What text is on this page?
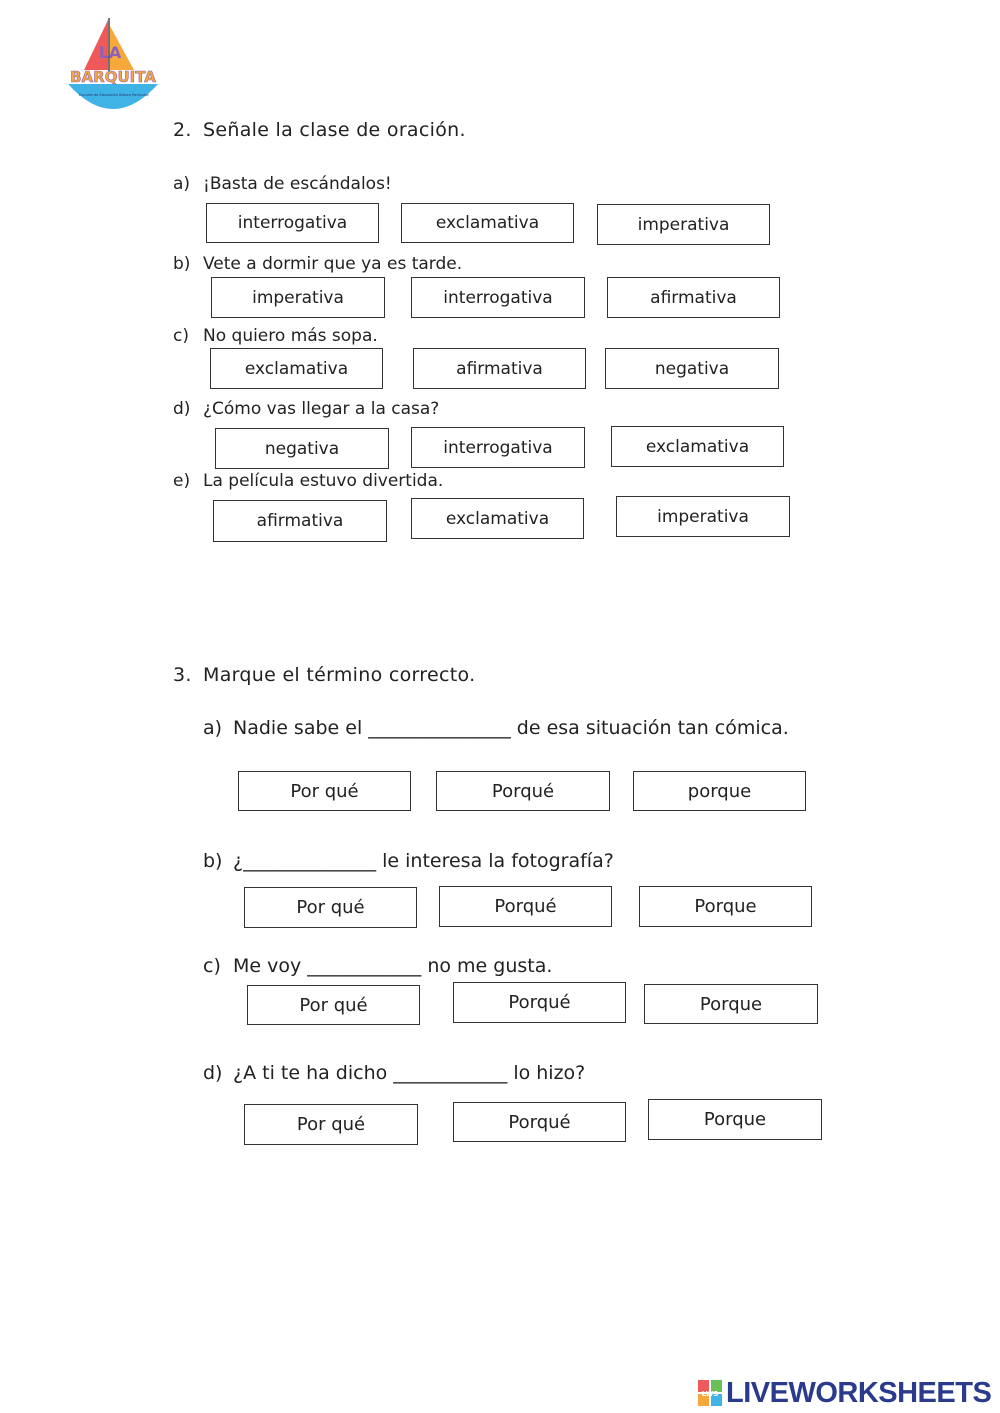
LA
BARQUITA
Escuela de Educación Básica Particular
2. Señale la clase de oración.
a) ¡Basta de escándalos!
interrogativa	exclamativa	imperativa
b) Vete a dormir que ya es tarde.
imperativa	interrogativa	afirmativa
c) No quiero más sopa.
exclamativa	afirmativa	negativa
d) ¿Cómo vas llegar a la casa?
negativa	interrogativa	exclamativa
e) La película estuvo divertida.
afirmativa	exclamativa	imperativa
3. Marque el término correcto.
a) Nadie sabe el _______________ de esa situación tan cómica.
Por qué	Porqué	porque
b) ¿______________ le interesa la fotografía?
Por qué	Porqué	Porque
c) Me voy ____________ no me gusta.
Por qué	Porqué	Porque
d) ¿A ti te ha dicho ____________ lo hizo?
Por qué	Porqué	Porque
LWS LIVEWORKSHEETS
